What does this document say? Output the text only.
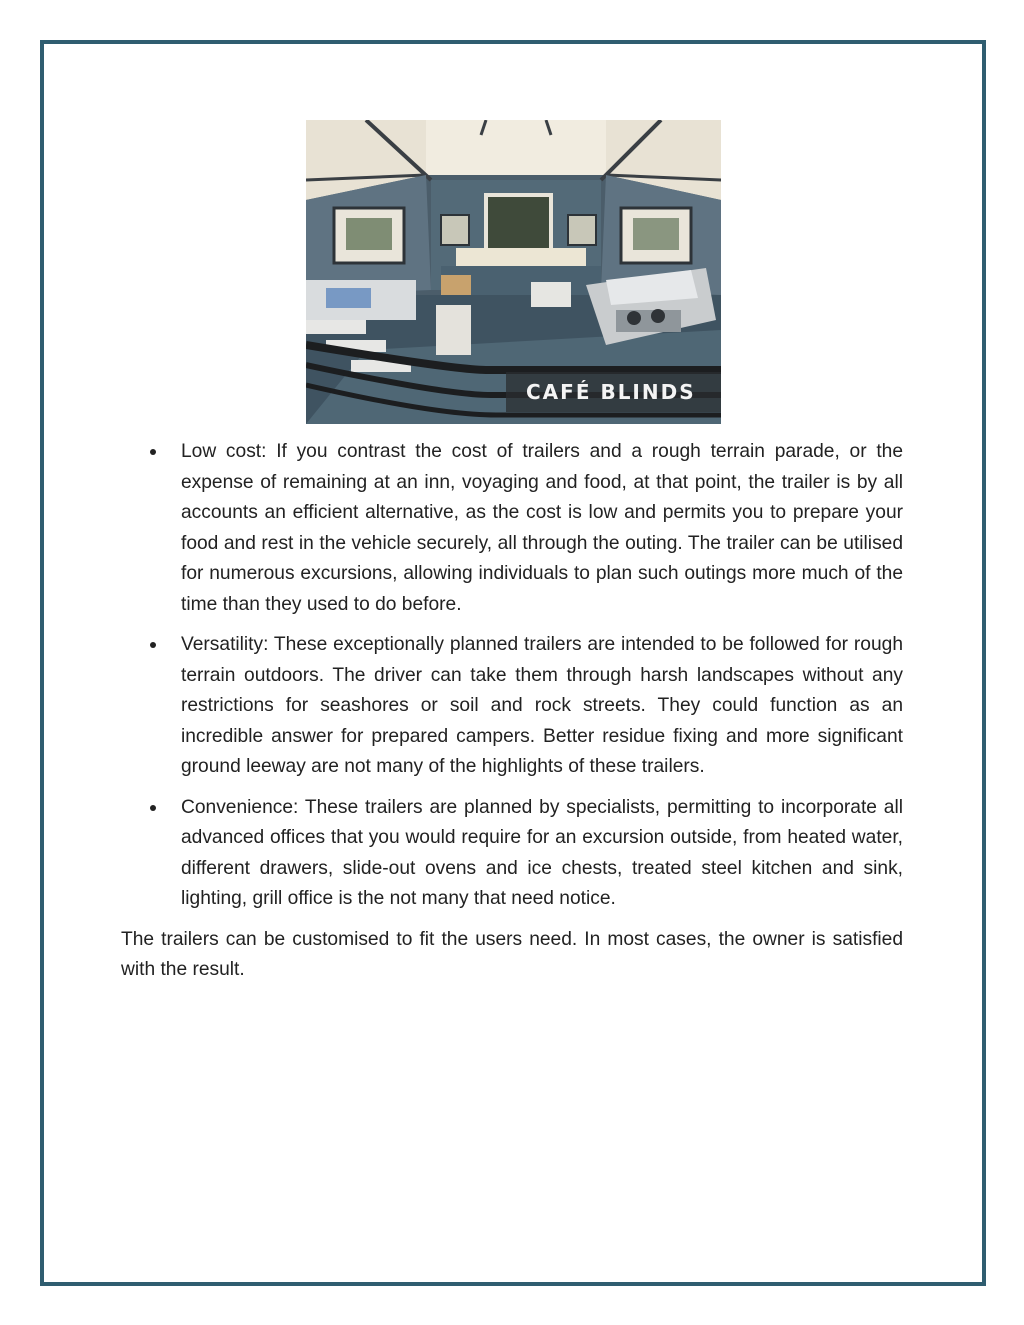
CAFÉ BLINDS
Low cost: If you contrast the cost of trailers and a rough terrain parade, or the expense of remaining at an inn, voyaging and food, at that point, the trailer is by all accounts an efficient alternative, as the cost is low and permits you to prepare your food and rest in the vehicle securely, all through the outing. The trailer can be utilised for numerous excursions, allowing individuals to plan such outings more much of the time than they used to do before.
Versatility: These exceptionally planned trailers are intended to be followed for rough terrain outdoors. The driver can take them through harsh landscapes without any restrictions for seashores or soil and rock streets. They could function as an incredible answer for prepared campers. Better residue fixing and more significant ground leeway are not many of the highlights of these trailers.
Convenience: These trailers are planned by specialists, permitting to incorporate all advanced offices that you would require for an excursion outside, from heated water, different drawers, slide-out ovens and ice chests, treated steel kitchen and sink, lighting, grill office is the not many that need notice.

The trailers can be customised to fit the users need. In most cases, the owner is satisfied with the result.
